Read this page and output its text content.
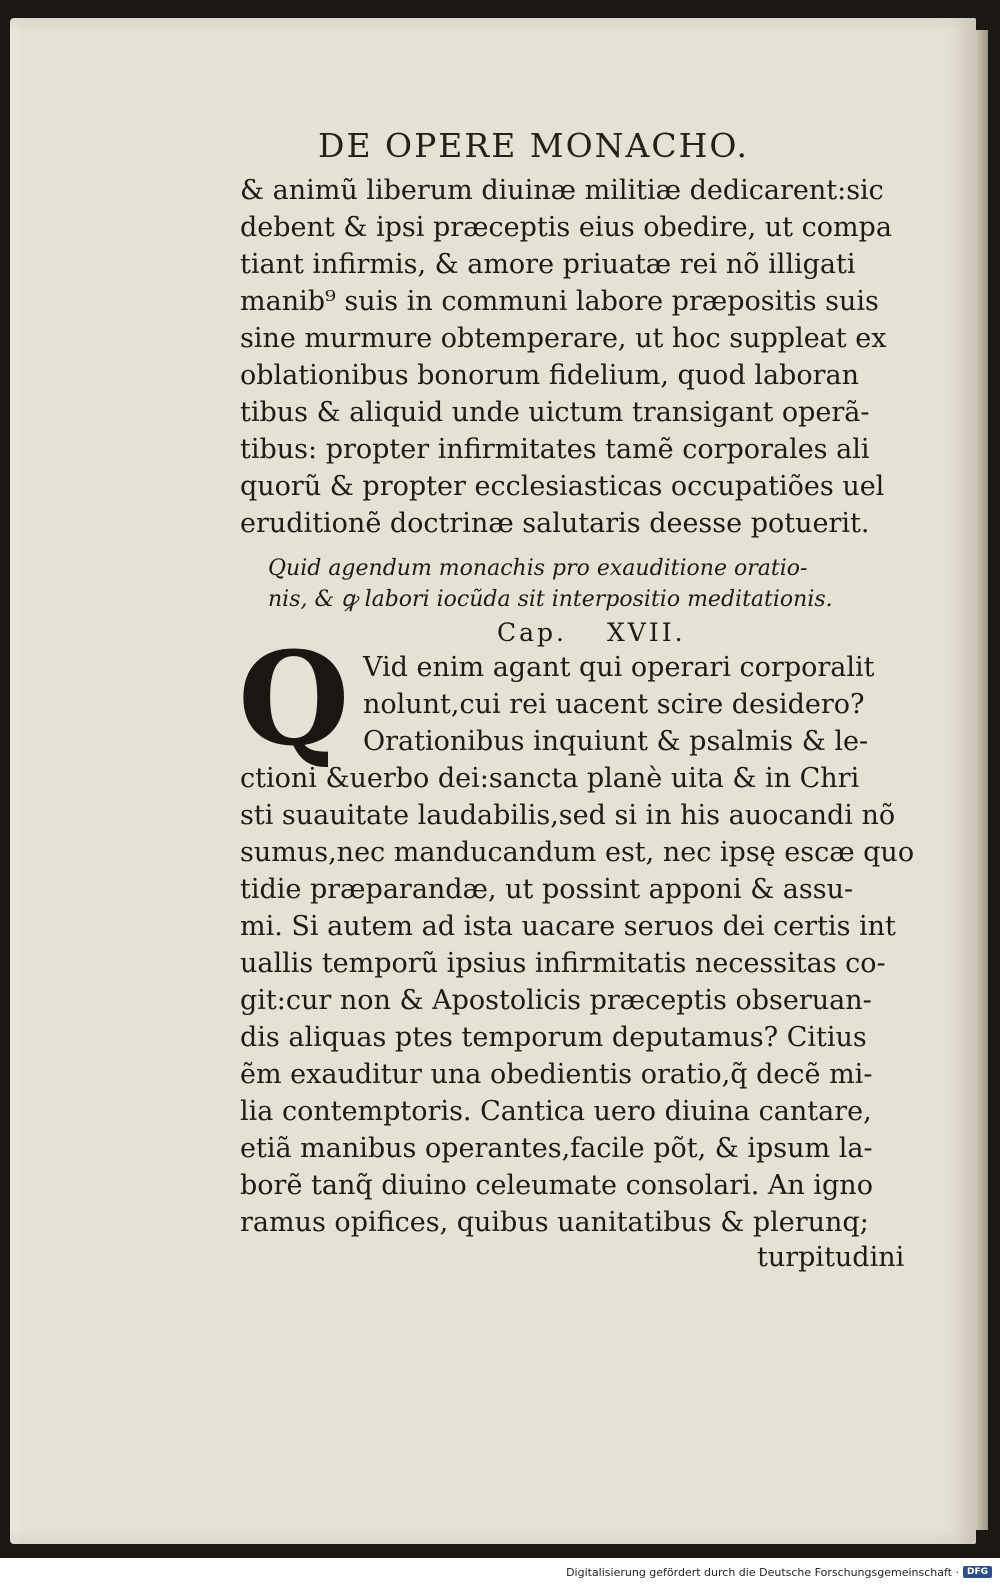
DE OPERE MONACHO.
& animũ liberum diuinæ militiæ dedicarent:sic
debent & ipsi præceptis eius obedire, ut compa
tiant infirmis, & amore priuatæ rei nõ illigati
manib⁹ suis in communi labore præpositis suis
sine murmure obtemperare, ut hoc suppleat ex
oblationibus bonorum fidelium, quod laboran
tibus & aliquid unde uictum transigant operã-
tibus: propter infirmitates tamẽ corporales ali
quorũ & propter ecclesiasticas occupatiões uel
eruditionẽ doctrinæ salutaris deesse potuerit.
Quid agendum monachis pro exauditione oratio-
nis, & ꝙ labori iocũda sit interpositio meditationis.
Cap. XVII.
Q Vid enim agant qui operari corporalit
nolunt,cui rei uacent scire desidero?
Orationibus inquiunt & psalmis & le-
ctioni &uerbo dei:sancta planè uita & in Chri
sti suauitate laudabilis,sed si in his auocandi nõ
sumus,nec manducandum est, nec ipsę escæ quo
tidie præparandæ, ut possint apponi & assu-
mi. Si autem ad ista uacare seruos dei certis int
uallis temporũ ipsius infirmitatis necessitas co-
git:cur non & Apostolicis præceptis obseruan-
dis aliquas ptes temporum deputamus? Citius
ẽm exauditur una obedientis oratio,q̃ decẽ mi-
lia contemptoris. Cantica uero diuina cantare,
etiã manibus operantes,facile põt, & ipsum la-
borẽ tanq̃ diuino celeumate consolari. An igno
ramus opifices, quibus uanitatibus & plerunq;
turpitudini
Digitalisierung gefördert durch die Deutsche Forschungsgemeinschaft · DFG
